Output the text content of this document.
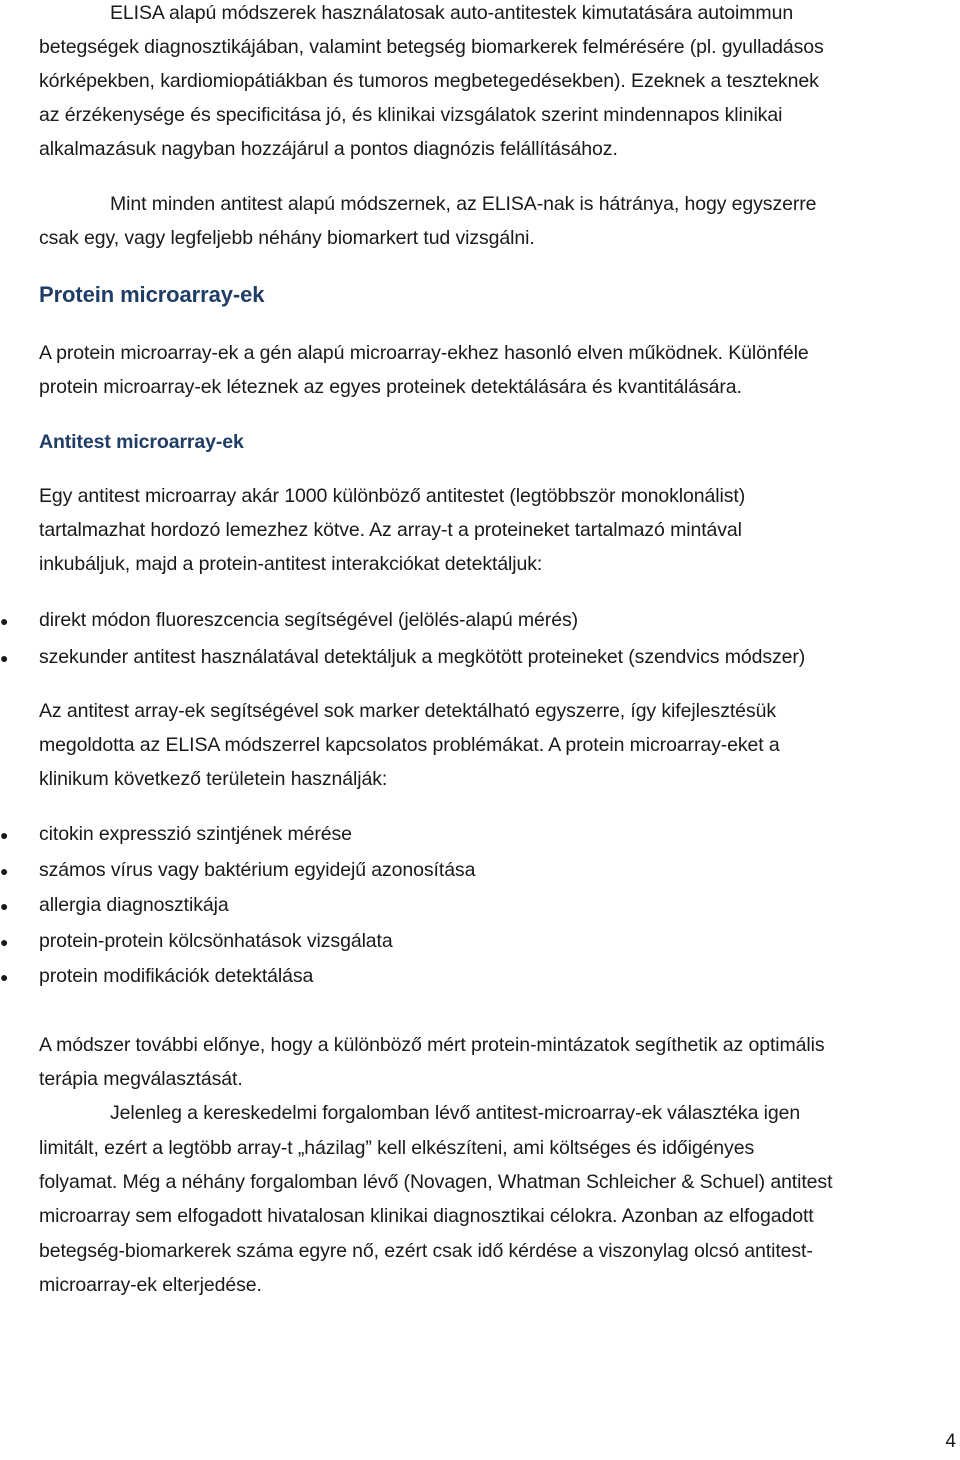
ELISA alapú módszerek használatosak auto-antitestek kimutatására autoimmun
betegségek diagnosztikájában, valamint betegség biomarkerek felmérésére (pl. gyulladásos
kórképekben, kardiomiopátiákban és tumoros megbetegedésekben). Ezeknek a teszteknek
az érzékenysége és specificitása jó, és klinikai vizsgálatok szerint mindennapos klinikai
alkalmazásuk nagyban hozzájárul a pontos diagnózis felállításához.
Mint minden antitest alapú módszernek, az ELISA-nak is hátránya, hogy egyszerre
csak egy, vagy legfeljebb néhány biomarkert tud vizsgálni.
Protein microarray-ek
A protein microarray-ek a gén alapú microarray-ekhez hasonló elven működnek. Különféle
protein microarray-ek léteznek az egyes proteinek detektálására és kvantitálására.
Antitest microarray-ek
Egy antitest microarray akár 1000 különböző antitestet (legtöbbször monoklonálist)
tartalmazhat hordozó lemezhez kötve. Az array-t a proteineket tartalmazó mintával
inkubáljuk, majd a protein-antitest interakciókat detektáljuk:
● direkt módon fluoreszcencia segítségével (jelölés-alapú mérés)
● szekunder antitest használatával detektáljuk a megkötött proteineket (szendvics módszer)
Az antitest array-ek segítségével sok marker detektálható egyszerre, így kifejlesztésük
megoldotta az ELISA módszerrel kapcsolatos problémákat. A protein microarray-eket a
klinikum következő területein használják:
● citokin expresszió szintjének mérése
● számos vírus vagy baktérium egyidejű azonosítása
● allergia diagnosztikája
● protein-protein kölcsönhatások vizsgálata
● protein modifikációk detektálása
A módszer további előnye, hogy a különböző mért protein-mintázatok segíthetik az optimális
terápia megválasztását.
Jelenleg a kereskedelmi forgalomban lévő antitest-microarray-ek választéka igen
limitált, ezért a legtöbb array-t „házilag” kell elkészíteni, ami költséges és időigényes
folyamat. Még a néhány forgalomban lévő (Novagen, Whatman Schleicher & Schuel) antitest
microarray sem elfogadott hivatalosan klinikai diagnosztikai célokra. Azonban az elfogadott
betegség-biomarkerek száma egyre nő, ezért csak idő kérdése a viszonylag olcsó antitest-
microarray-ek elterjedése.
4
